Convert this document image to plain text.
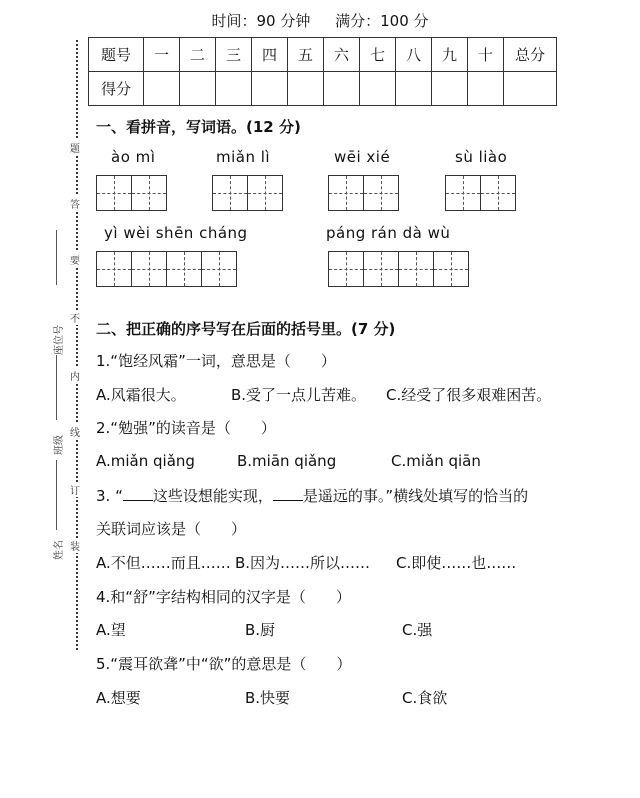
时间：90 分钟 满分：100 分
题号	一	二	三	四	五	六	七	八	九	十	总分
得分											
题
答
要
不
内
线
订
装
座位号
班级
姓名
一、看拼音，写词语。(12 分)
ào mì	miǎn lì	wēi xié	sù liào
yì wèi shēn cháng	páng rán dà wù
二、把正确的序号写在后面的括号里。(7 分)
1.“饱经风霜”一词，意思是（　　）
A.风霜很大。	B.受了一点儿苦难。 C.经受了很多艰难困苦。
2.“勉强”的读音是（　　）
A.miǎn qiǎng	B.miān qiǎng	C.miǎn qiān
3. “ 这些设想能实现， 是遥远的事。”横线处填写的恰当的
关联词应该是（　　）
A.不但……而且…… B.因为……所以…… C.即使……也……
4.和“舒”字结构相同的汉字是（　　）
A.望	B.厨	C.强
5.“震耳欲聋”中“欲”的意思是（　　）
A.想要	B.快要	C.食欲
